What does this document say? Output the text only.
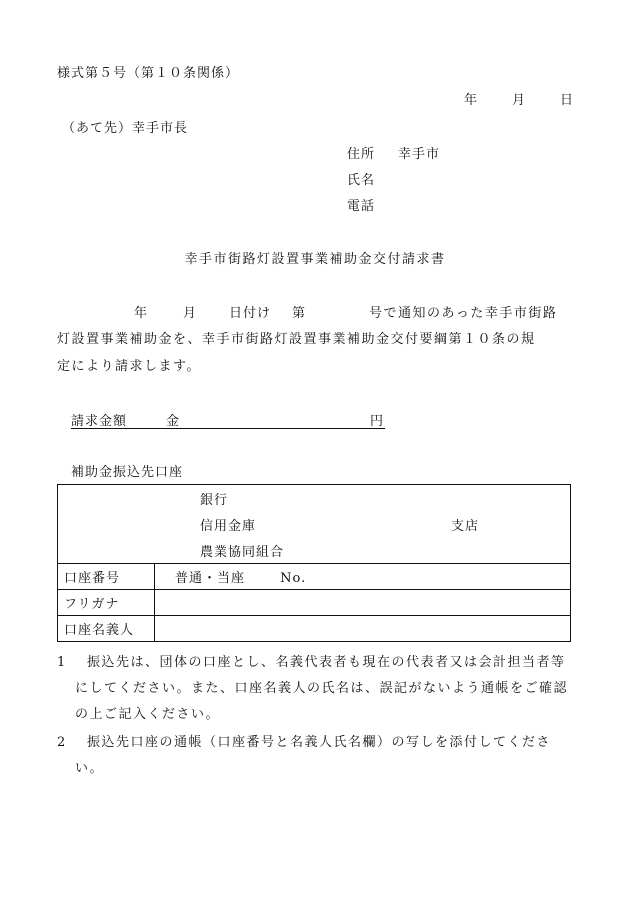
様式第５号（第１０条関係）
年	月	日
（あて先）幸手市長
住所 幸手市
氏名
電話
幸手市街路灯設置事業補助金交付請求書
年	月 日付け 第	号で通知のあった幸手市街路
灯設置事業補助金を、幸手市街路灯設置事業補助金交付要綱第１０条の規
定により請求します。
請求金額	金	円
補助金振込先口座
銀行
信用金庫
農業協同組合
支店	

口座番号	普通・当座 No.
フリガナ	
口座名義人	
1	振込先は、団体の口座とし、名義代表者も現在の代表者又は会計担当者等にしてください。また、口座名義人の氏名は、誤記がないよう通帳をご確認の上ご記入ください。
2	振込先口座の通帳（口座番号と名義人氏名欄）の写しを添付してください。
